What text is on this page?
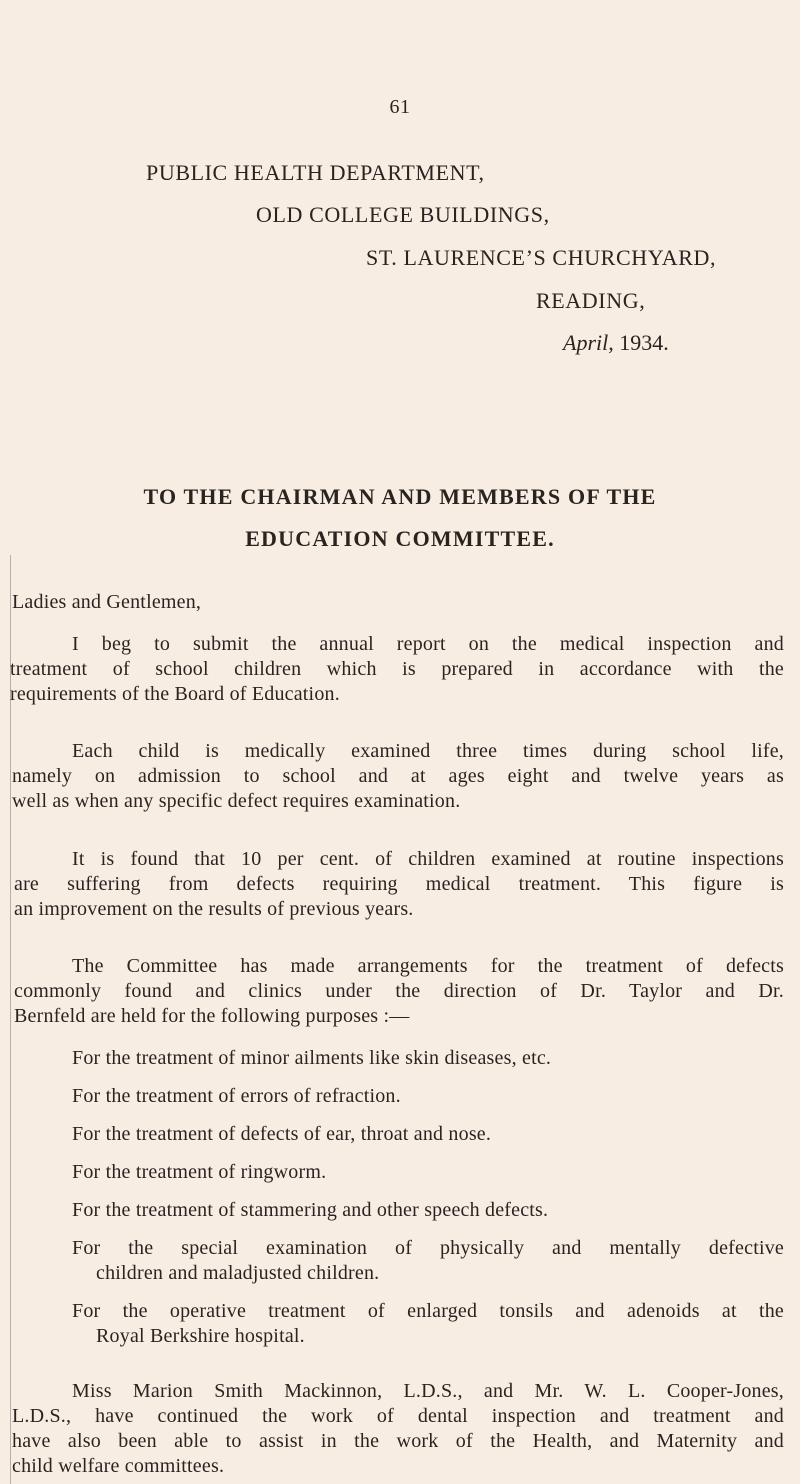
61
PUBLIC HEALTH DEPARTMENT,
OLD COLLEGE BUILDINGS,
ST. LAURENCE’S CHURCHYARD,
READING,
April, 1934.
TO THE CHAIRMAN AND MEMBERS OF THE
EDUCATION COMMITTEE.
Ladies and Gentlemen,
I beg to submit the annual report on the medical inspection and
treatment of school children which is prepared in accordance with the
requirements of the Board of Education.
Each child is medically examined three times during school life,
namely on admission to school and at ages eight and twelve years as
well as when any specific defect requires examination.
It is found that 10 per cent. of children examined at routine inspections
are suffering from defects requiring medical treatment. This figure is
an improvement on the results of previous years.
The Committee has made arrangements for the treatment of defects
commonly found and clinics under the direction of Dr. Taylor and Dr.
Bernfeld are held for the following purposes :—
For the treatment of minor ailments like skin diseases, etc.
For the treatment of errors of refraction.
For the treatment of defects of ear, throat and nose.
For the treatment of ringworm.
For the treatment of stammering and other speech defects.
For the special examination of physically and mentally defective
children and maladjusted children.
For the operative treatment of enlarged tonsils and adenoids at the
Royal Berkshire hospital.
Miss Marion Smith Mackinnon, L.D.S., and Mr. W. L. Cooper-Jones,
L.D.S., have continued the work of dental inspection and treatment and
have also been able to assist in the work of the Health, and Maternity and
child welfare committees.
